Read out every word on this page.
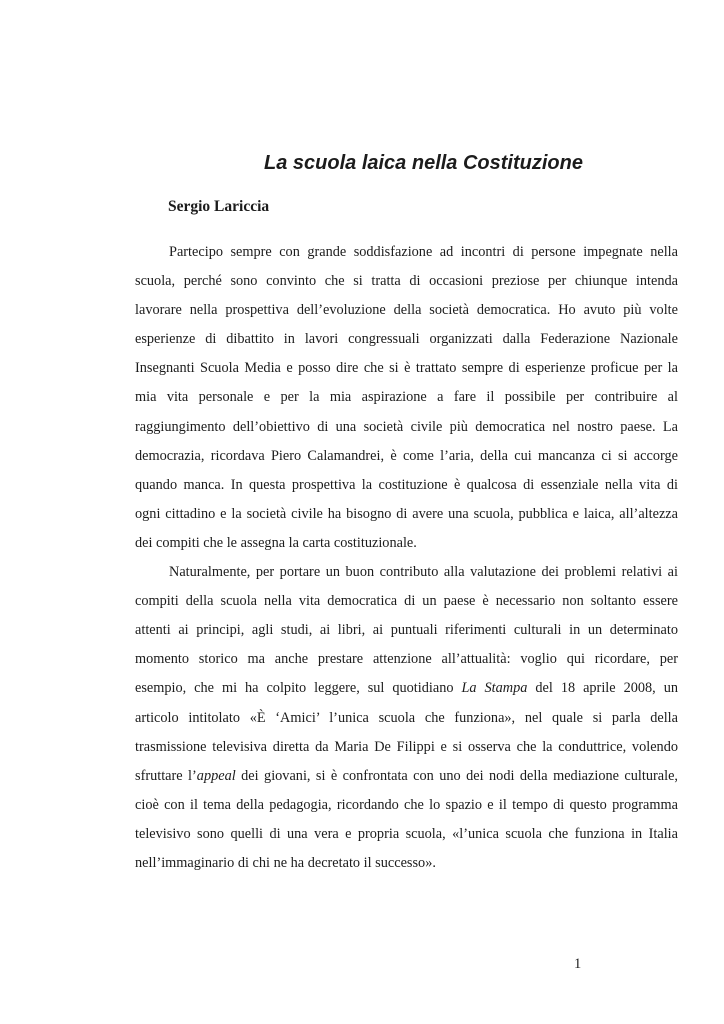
La scuola laica nella Costituzione
Sergio Lariccia
Partecipo sempre con grande soddisfazione ad incontri di persone impegnate nella
scuola, perché sono convinto che si tratta di occasioni preziose per chiunque intenda
lavorare nella prospettiva dell’evoluzione della società democratica. Ho avuto più volte
esperienze di dibattito in lavori congressuali organizzati dalla Federazione Nazionale
Insegnanti Scuola Media e posso dire che si è trattato sempre di esperienze proficue per la
mia vita personale e per la mia aspirazione a fare il possibile per contribuire al
raggiungimento dell’obiettivo di una società civile più democratica nel nostro paese. La
democrazia, ricordava Piero Calamandrei, è come l’aria, della cui mancanza ci si accorge
quando manca. In questa prospettiva la costituzione è qualcosa di essenziale nella vita di
ogni cittadino e la società civile ha bisogno di avere una scuola, pubblica e laica, all’altezza
dei compiti che le assegna la carta costituzionale.
Naturalmente, per portare un buon contributo alla valutazione dei problemi relativi ai
compiti della scuola nella vita democratica di un paese è necessario non soltanto essere
attenti ai principi, agli studi, ai libri, ai puntuali riferimenti culturali in un determinato
momento storico ma anche prestare attenzione all’attualità: voglio qui ricordare, per
esempio, che mi ha colpito leggere, sul quotidiano La Stampa del 18 aprile 2008, un
articolo intitolato «È ‘Amici’ l’unica scuola che funziona», nel quale si parla della
trasmissione televisiva diretta da Maria De Filippi e si osserva che la conduttrice, volendo
sfruttare l’appeal dei giovani, si è confrontata con uno dei nodi della mediazione culturale,
cioè con il tema della pedagogia, ricordando che lo spazio e il tempo di questo programma
televisivo sono quelli di una vera e propria scuola, «l’unica scuola che funziona in Italia
nell’immaginario di chi ne ha decretato il successo».
1
